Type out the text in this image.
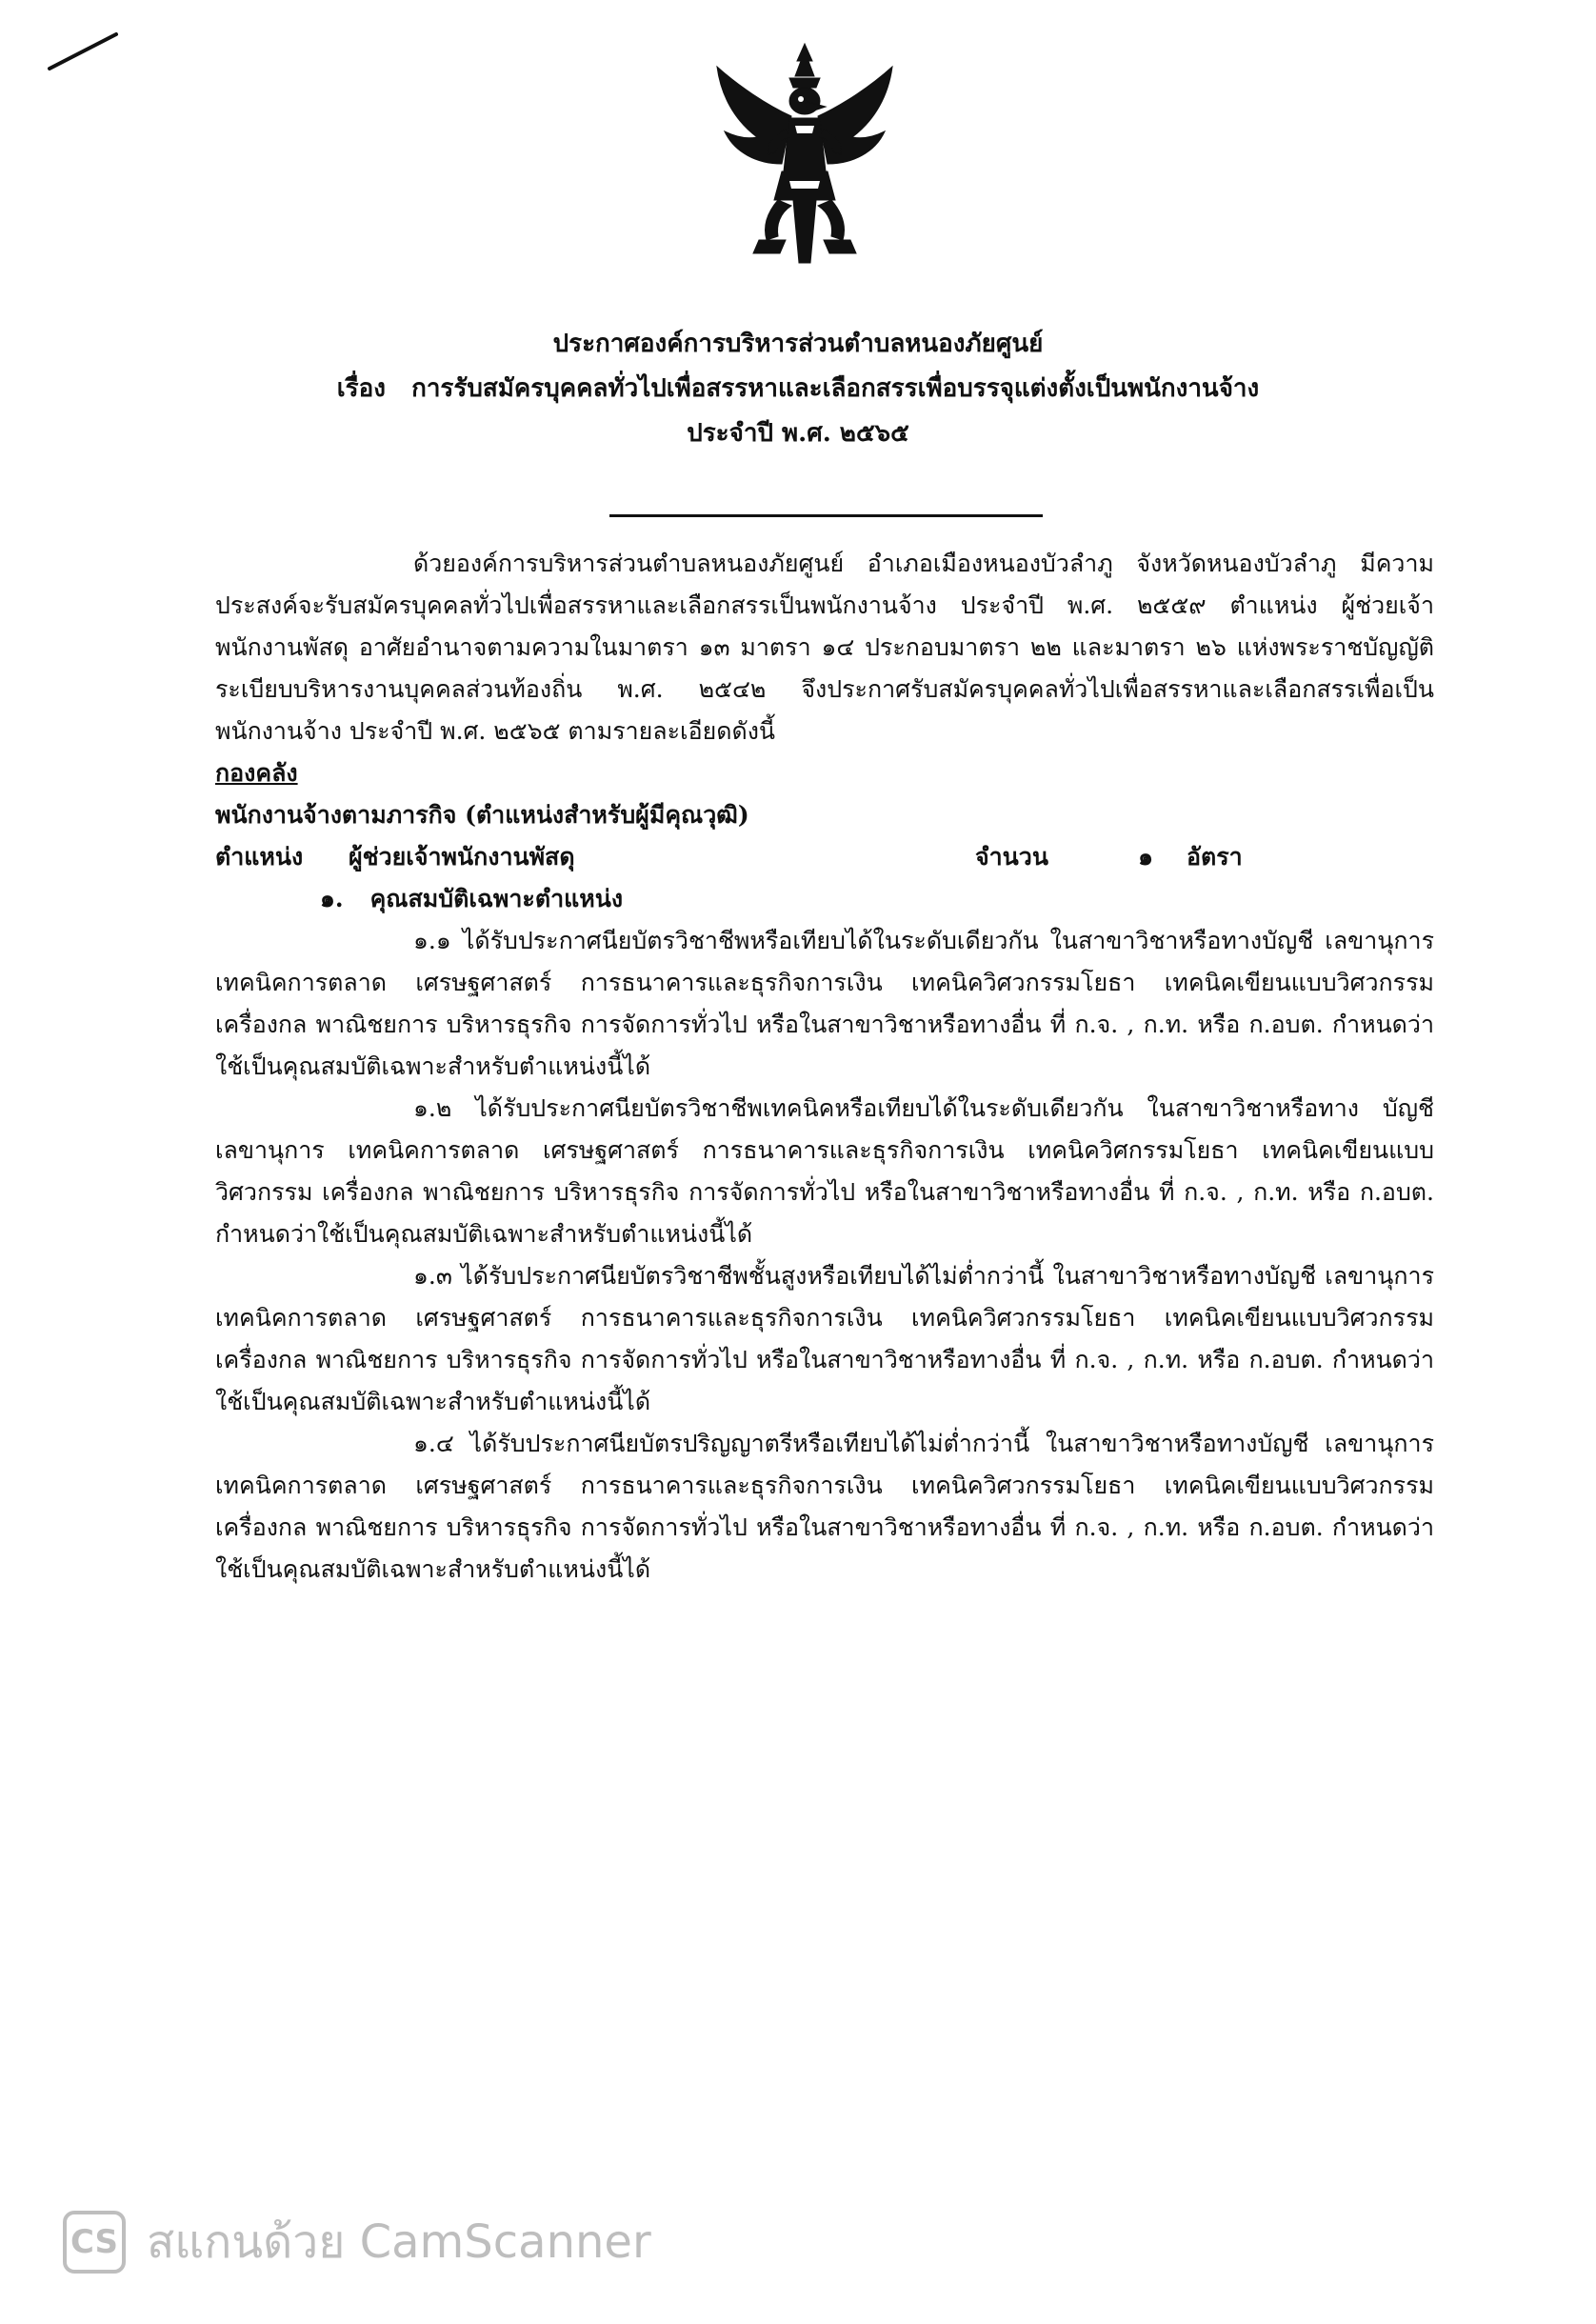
ประกาศองค์การบริหารส่วนตำบลหนองภัยศูนย์
เรื่อง การรับสมัครบุคคลทั่วไปเพื่อสรรหาและเลือกสรรเพื่อบรรจุแต่งตั้งเป็นพนักงานจ้าง
ประจำปี พ.ศ. ๒๕๖๕

ด้วยองค์การบริหารส่วนตำบลหนองภัยศูนย์ อำเภอเมืองหนองบัวลำภู จังหวัดหนองบัวลำภู มีความประสงค์จะรับสมัครบุคคลทั่วไปเพื่อสรรหาและเลือกสรรเป็นพนักงานจ้าง ประจำปี พ.ศ. ๒๕๕๙ ตำแหน่ง ผู้ช่วยเจ้าพนักงานพัสดุ อาศัยอำนาจตามความในมาตรา ๑๓ มาตรา ๑๔ ประกอบมาตรา ๒๒ และมาตรา ๒๖ แห่งพระราชบัญญัติระเบียบบริหารงานบุคคลส่วนท้องถิ่น พ.ศ. ๒๕๔๒ จึงประกาศรับสมัครบุคคลทั่วไปเพื่อสรรหาและเลือกสรรเพื่อเป็นพนักงานจ้าง ประจำปี พ.ศ. ๒๕๖๕ ตามรายละเอียดดังนี้

กองคลัง

พนักงานจ้างตามภารกิจ (ตำแหน่งสำหรับผู้มีคุณวุฒิ)

ตำแหน่ง	ผู้ช่วยเจ้าพนักงานพัสดุ	จำนวน	๑	อัตรา

๑. คุณสมบัติเฉพาะตำแหน่ง

๑.๑ ได้รับประกาศนียบัตรวิชาชีพหรือเทียบได้ในระดับเดียวกัน ในสาขาวิชาหรือทางบัญชี เลขานุการ เทคนิคการตลาด เศรษฐศาสตร์ การธนาคารและธุรกิจการเงิน เทคนิควิศวกรรมโยธา เทคนิคเขียนแบบวิศวกรรมเครื่องกล พาณิชยการ บริหารธุรกิจ การจัดการทั่วไป หรือในสาขาวิชาหรือทางอื่น ที่ ก.จ. , ก.ท. หรือ ก.อบต. กำหนดว่าใช้เป็นคุณสมบัติเฉพาะสำหรับตำแหน่งนี้ได้

๑.๒ ได้รับประกาศนียบัตรวิชาชีพเทคนิคหรือเทียบได้ในระดับเดียวกัน ในสาขาวิชาหรือทาง บัญชี เลขานุการ เทคนิคการตลาด เศรษฐศาสตร์ การธนาคารและธุรกิจการเงิน เทคนิควิศกรรมโยธา เทคนิคเขียนแบบวิศวกรรม เครื่องกล พาณิชยการ บริหารธุรกิจ การจัดการทั่วไป หรือในสาขาวิชาหรือทางอื่น ที่ ก.จ. , ก.ท. หรือ ก.อบต. กำหนดว่าใช้เป็นคุณสมบัติเฉพาะสำหรับตำแหน่งนี้ได้

๑.๓ ได้รับประกาศนียบัตรวิชาชีพชั้นสูงหรือเทียบได้ไม่ต่ำกว่านี้ ในสาขาวิชาหรือทางบัญชี เลขานุการ เทคนิคการตลาด เศรษฐศาสตร์ การธนาคารและธุรกิจการเงิน เทคนิควิศวกรรมโยธา เทคนิคเขียนแบบวิศวกรรม เครื่องกล พาณิชยการ บริหารธุรกิจ การจัดการทั่วไป หรือในสาขาวิชาหรือทางอื่น ที่ ก.จ. , ก.ท. หรือ ก.อบต. กำหนดว่าใช้เป็นคุณสมบัติเฉพาะสำหรับตำแหน่งนี้ได้

๑.๔ ได้รับประกาศนียบัตรปริญญาตรีหรือเทียบได้ไม่ต่ำกว่านี้ ในสาขาวิชาหรือทางบัญชี เลขานุการ เทคนิคการตลาด เศรษฐศาสตร์ การธนาคารและธุรกิจการเงิน เทคนิควิศวกรรมโยธา เทคนิคเขียนแบบวิศวกรรม เครื่องกล พาณิชยการ บริหารธุรกิจ การจัดการทั่วไป หรือในสาขาวิชาหรือทางอื่น ที่ ก.จ. , ก.ท. หรือ ก.อบต. กำหนดว่าใช้เป็นคุณสมบัติเฉพาะสำหรับตำแหน่งนี้ได้

CS สแกนด้วย CamScanner
